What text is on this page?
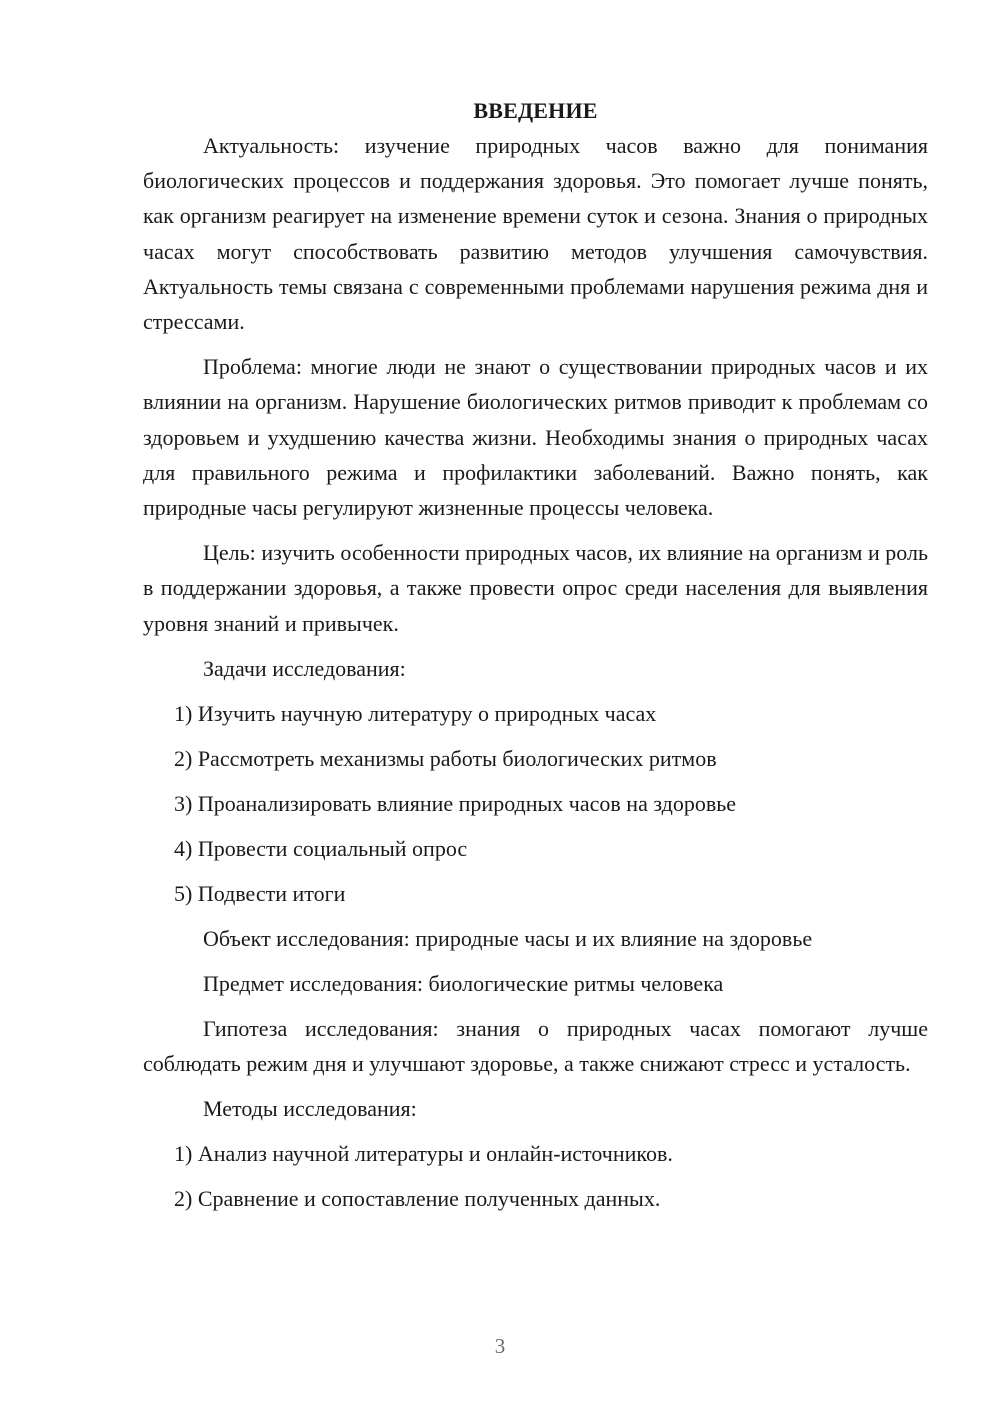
ВВЕДЕНИЕ

Актуальность: изучение природных часов важно для понимания биологических процессов и поддержания здоровья. Это помогает лучше понять, как организм реагирует на изменение времени суток и сезона. Знания о природных часах могут способствовать развитию методов улучшения самочувствия. Актуальность темы связана с современными проблемами нарушения режима дня и стрессами.

Проблема: многие люди не знают о существовании природных часов и их влиянии на организм. Нарушение биологических ритмов приводит к проблемам со здоровьем и ухудшению качества жизни. Необходимы знания о природных часах для правильного режима и профилактики заболеваний. Важно понять, как природные часы регулируют жизненные процессы человека.

Цель: изучить особенности природных часов, их влияние на организм и роль в поддержании здоровья, а также провести опрос среди населения для выявления уровня знаний и привычек.

Задачи исследования:

1) Изучить научную литературу о природных часах

2) Рассмотреть механизмы работы биологических ритмов

3) Проанализировать влияние природных часов на здоровье

4) Провести социальный опрос

5) Подвести итоги

Объект исследования: природные часы и их влияние на здоровье

Предмет исследования: биологические ритмы человека

Гипотеза исследования: знания о природных часах помогают лучше соблюдать режим дня и улучшают здоровье, а также снижают стресс и усталость.

Методы исследования:

1) Анализ научной литературы и онлайн-источников.

2) Сравнение и сопоставление полученных данных.

3
